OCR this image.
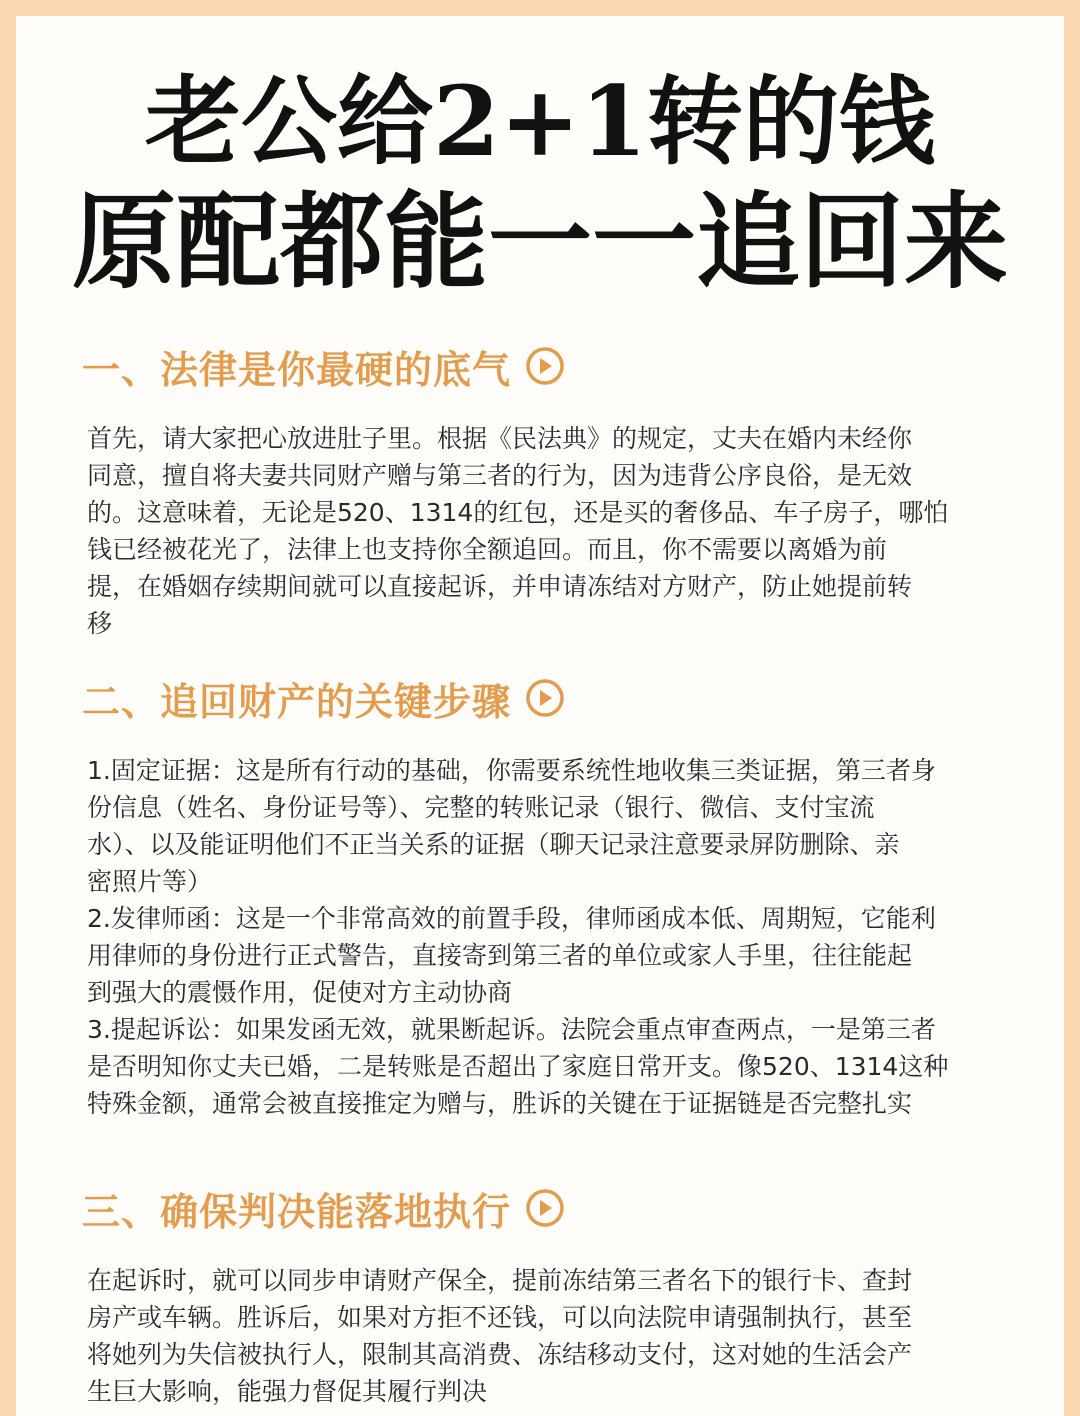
老公给2+1转的钱
原配都能一一追回来
一、法律是你最硬的底气

首先，请大家把心放进肚子里。根据《民法典》的规定，丈夫在婚内未经你
同意，擅自将夫妻共同财产赠与第三者的行为，因为违背公序良俗，是无效
的。这意味着，无论是520、1314的红包，还是买的奢侈品、车子房子，哪怕
钱已经被花光了，法律上也支持你全额追回。而且，你不需要以离婚为前
提，在婚姻存续期间就可以直接起诉，并申请冻结对方财产，防止她提前转
移

二、追回财产的关键步骤

1.固定证据：这是所有行动的基础，你需要系统性地收集三类证据，第三者身
份信息（姓名、身份证号等）、完整的转账记录（银行、微信、支付宝流
水）、以及能证明他们不正当关系的证据（聊天记录注意要录屏防删除、亲
密照片等）
2.发律师函：这是一个非常高效的前置手段，律师函成本低、周期短，它能利
用律师的身份进行正式警告，直接寄到第三者的单位或家人手里，往往能起
到强大的震慑作用，促使对方主动协商
3.提起诉讼：如果发函无效，就果断起诉。法院会重点审查两点，一是第三者
是否明知你丈夫已婚，二是转账是否超出了家庭日常开支。像520、1314这种
特殊金额，通常会被直接推定为赠与，胜诉的关键在于证据链是否完整扎实

三、确保判决能落地执行

在起诉时，就可以同步申请财产保全，提前冻结第三者名下的银行卡、查封
房产或车辆。胜诉后，如果对方拒不还钱，可以向法院申请强制执行，甚至
将她列为失信被执行人，限制其高消费、冻结移动支付，这对她的生活会产
生巨大影响，能强力督促其履行判决
